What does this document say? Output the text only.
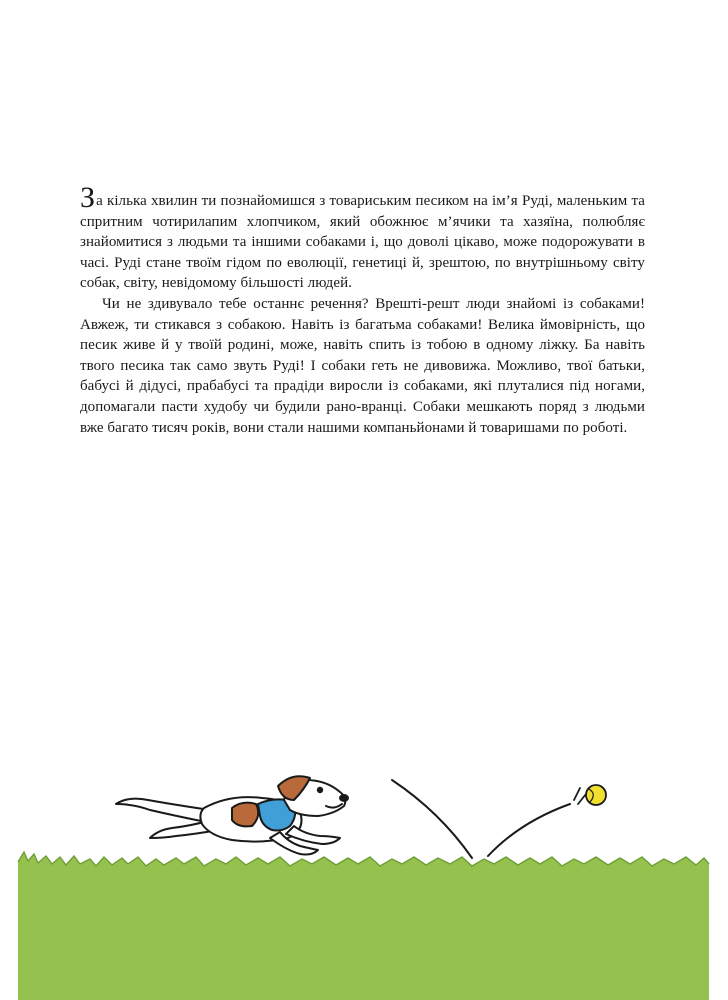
За кілька хвилин ти познайомишся з товариським песиком на ім’я Руді, маленьким та спритним чотирилапим хлопчиком, який обожнює м’ячики та хазяїна, полюбляє знайомитися з людьми та іншими собаками і, що доволі цікаво, може подорожувати в часі. Руді стане твоїм гідом по еволюції, генетиці й, зрештою, по внутрішньому світу собак, світу, невідомому більшості людей.

Чи не здивувало тебе останнє речення? Врешті-решт люди знайомі із собаками! Авжеж, ти стикався з собакою. Навіть із багатьма собаками! Велика ймовірність, що песик живе й у твоїй родині, може, навіть спить із тобою в одному ліжку. Ба навіть твого песика так само звуть Руді! І собаки геть не дивовижа. Можливо, твої батьки, бабусі й дідусі, прабабусі та прадіди виросли із собаками, які плуталися під ногами, допомагали пасти худобу чи будили рано-вранці. Собаки мешкають поряд з людьми вже багато тисяч років, вони стали нашими компаньйонами й товаришами по роботі.
